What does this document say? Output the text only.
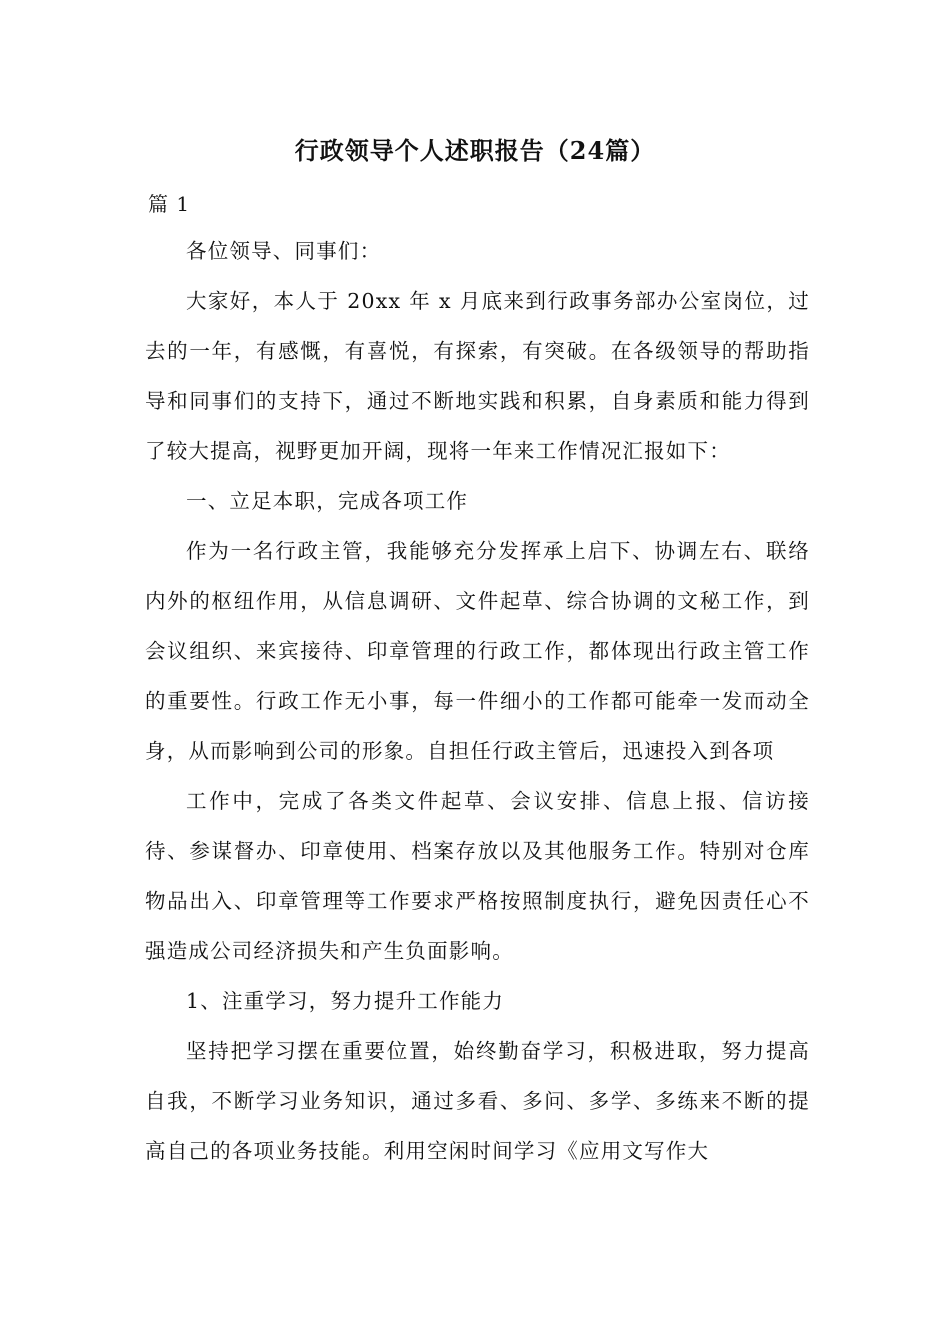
行政领导个人述职报告（24篇）
篇 1

各位领导、同事们：

大家好，本人于 20xx 年 x 月底来到行政事务部办公室岗位，过去的一年，有感慨，有喜悦，有探索，有突破。在各级领导的帮助指导和同事们的支持下，通过不断地实践和积累，自身素质和能力得到了较大提高，视野更加开阔，现将一年来工作情况汇报如下：

一、立足本职，完成各项工作

作为一名行政主管，我能够充分发挥承上启下、协调左右、联络内外的枢纽作用，从信息调研、文件起草、综合协调的文秘工作，到会议组织、来宾接待、印章管理的行政工作，都体现出行政主管工作的重要性。行政工作无小事，每一件细小的工作都可能牵一发而动全身，从而影响到公司的形象。自担任行政主管后，迅速投入到各项

工作中，完成了各类文件起草、会议安排、信息上报、信访接待、参谋督办、印章使用、档案存放以及其他服务工作。特别对仓库物品出入、印章管理等工作要求严格按照制度执行，避免因责任心不强造成公司经济损失和产生负面影响。

1、注重学习，努力提升工作能力

坚持把学习摆在重要位置，始终勤奋学习，积极进取，努力提高自我，不断学习业务知识，通过多看、多问、多学、多练来不断的提高自己的各项业务技能。利用空闲时间学习《应用文写作大
